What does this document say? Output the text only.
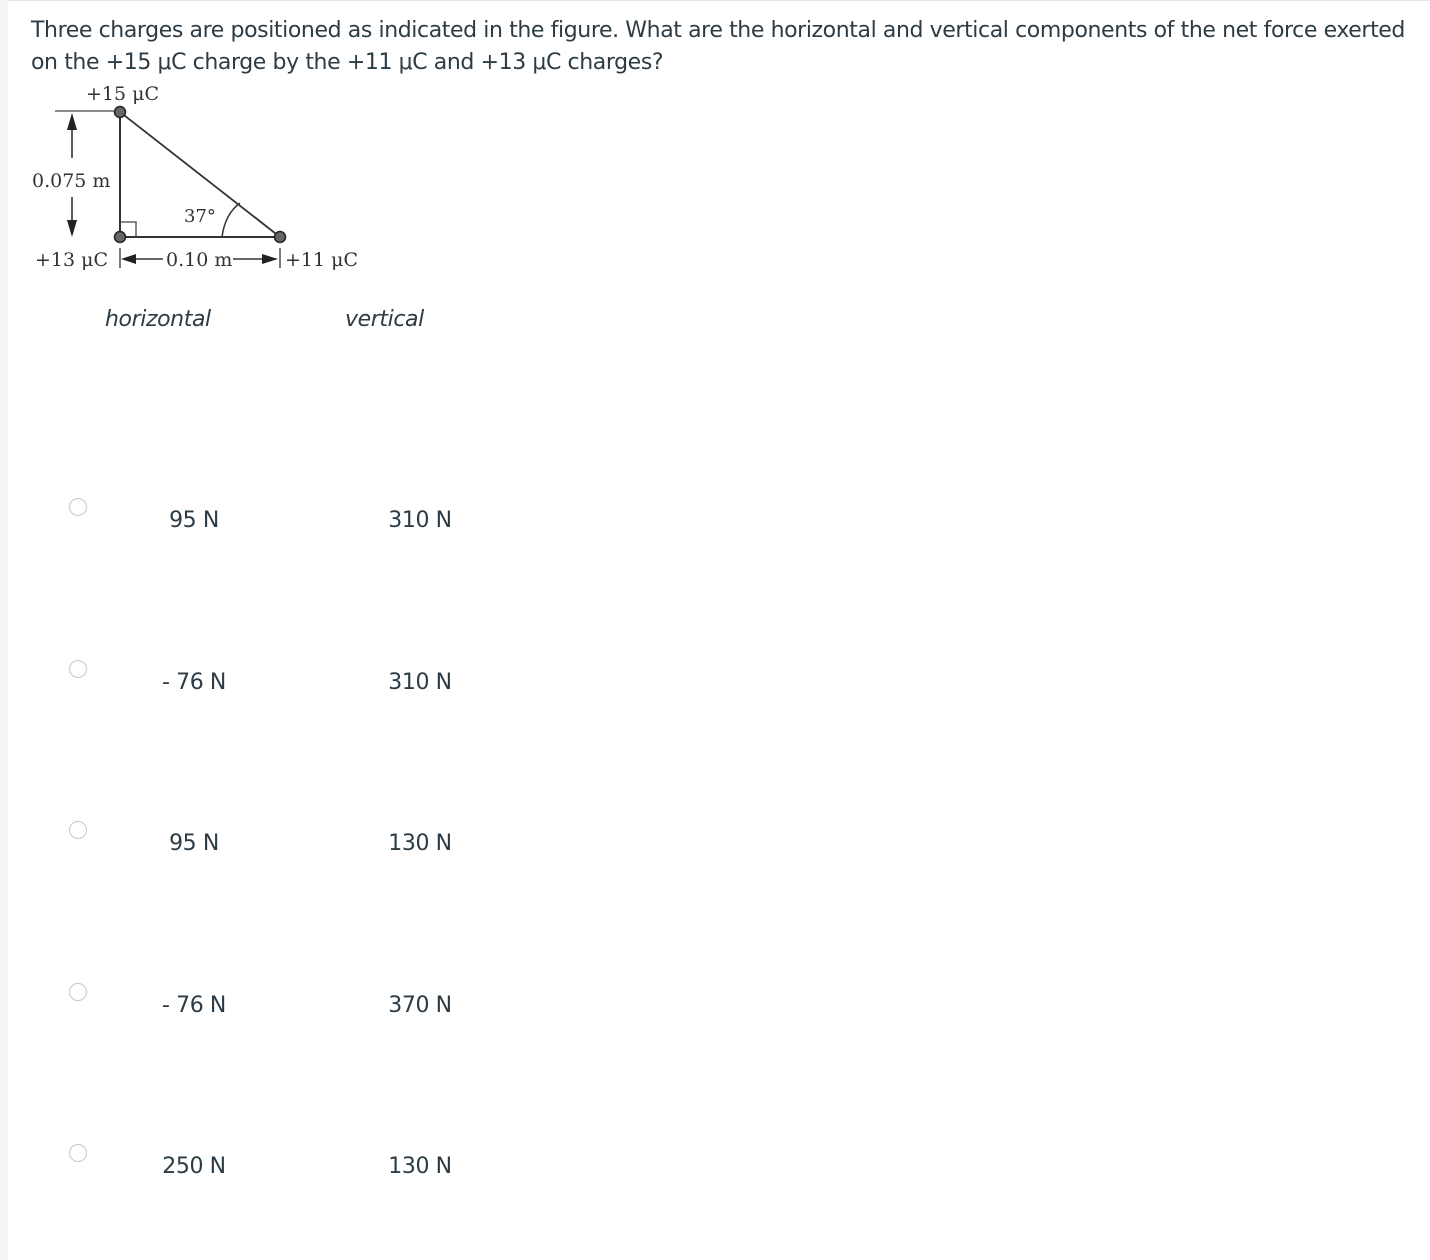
Three charges are positioned as indicated in the figure. What are the horizontal and vertical components of the net force exerted on the +15 μC charge by the +11 μC and +13 μC charges?
+15 μC
0.075 m
37°
+13 μC	0.10 m	+11 μC
horizontal	vertical
95 N	310 N
- 76 N	310 N
95 N	130 N
- 76 N	370 N
250 N	130 N
